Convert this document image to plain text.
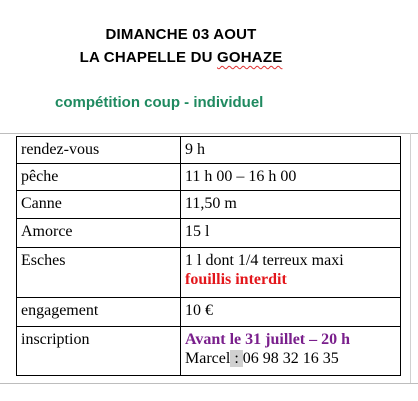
DIMANCHE 03 AOUT
LA CHAPELLE DU GOHAZE
compétition coup - individuel
rendez-vous	9 h
pêche	11 h 00 – 16 h 00
Canne	11,50 m
Amorce	15 l
Esches	1 l dont 1/4 terreux maxi
fouillis interdit

engagement	10 €
inscription	Avant le 31 juillet – 20 h
Marcel : 06 98 32 16 35
